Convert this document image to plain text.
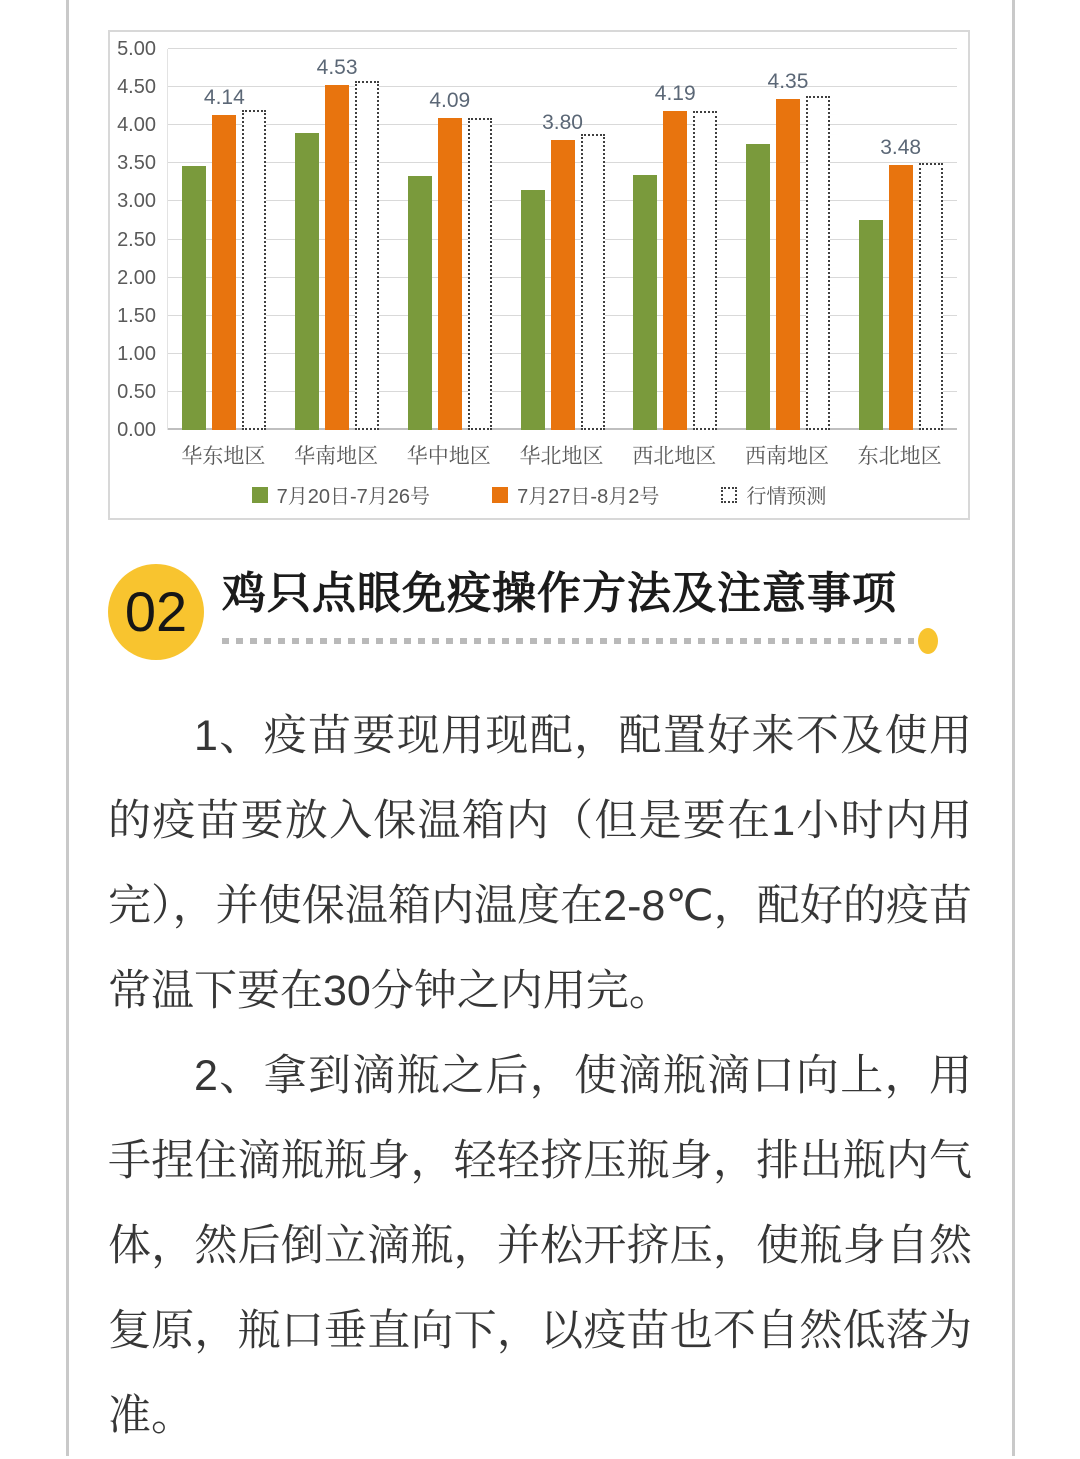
0.00
0.50
1.00
1.50
2.00
2.50
3.00
3.50
4.00
4.50
5.00
4.14
4.53
4.09
3.80
4.19
4.35
3.48
华东地区	华南地区	华中地区	华北地区	西北地区	西南地区	东北地区
7月20日-7月26号	7月27日-8月2号	行情预测
02 鸡只点眼免疫操作方法及注意事项

1、疫苗要现用现配，配置好来不及使用的疫苗要放入保温箱内（但是要在1小时内用完），并使保温箱内温度在2-8℃，配好的疫苗常温下要在30分钟之内用完。

2、拿到滴瓶之后，使滴瓶滴口向上，用手捏住滴瓶瓶身，轻轻挤压瓶身，排出瓶内气体，然后倒立滴瓶，并松开挤压，使瓶身自然复原，瓶口垂直向下，以疫苗也不自然低落为准。
